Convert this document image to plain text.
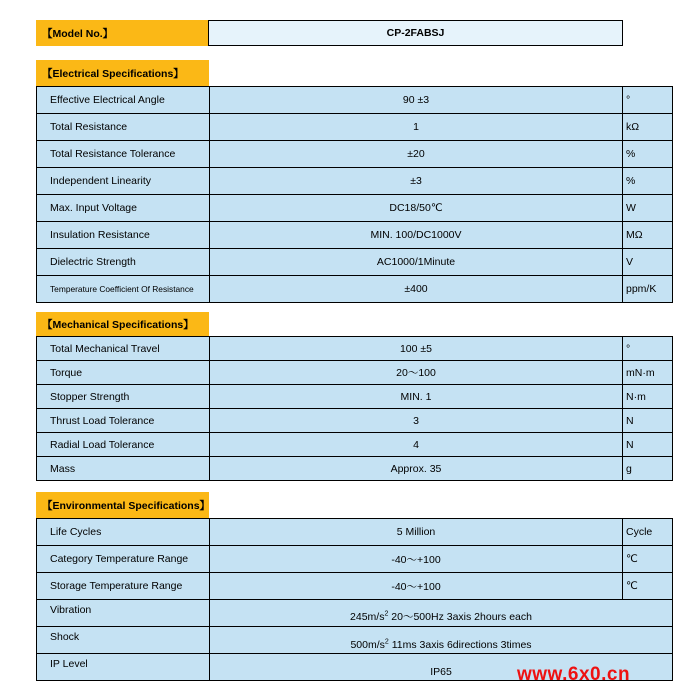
【Model No.】	CP-2FABSJ
【Electrical Specifications】
Effective Electrical Angle	90 ±3	°
Total Resistance	1	kΩ
Total Resistance Tolerance	±20	%
Independent Linearity	±3	%
Max. Input Voltage	DC18/50℃	W
Insulation Resistance	MIN. 100/DC1000V	MΩ
Dielectric Strength	AC1000/1Minute	V
Temperature Coefficient Of Resistance	±400	ppm/K
【Mechanical Specifications】
Total Mechanical Travel	100 ±5	°
Torque	20～100	mN·m
Stopper Strength	MIN. 1	N·m
Thrust Load Tolerance	3	N
Radial Load Tolerance	4	N
Mass	Approx. 35	g
【Environmental Specifications】
Life Cycles	5 Million	Cycle
Category Temperature Range	-40～+100	℃
Storage Temperature Range	-40～+100	℃
Vibration	$245m/s^2$ 20～500Hz 3axis 2hours each	
Shock	$500m/s^2$ 11ms 3axis 6directions 3times	
IP Level	IP65		www.6x0.cn
